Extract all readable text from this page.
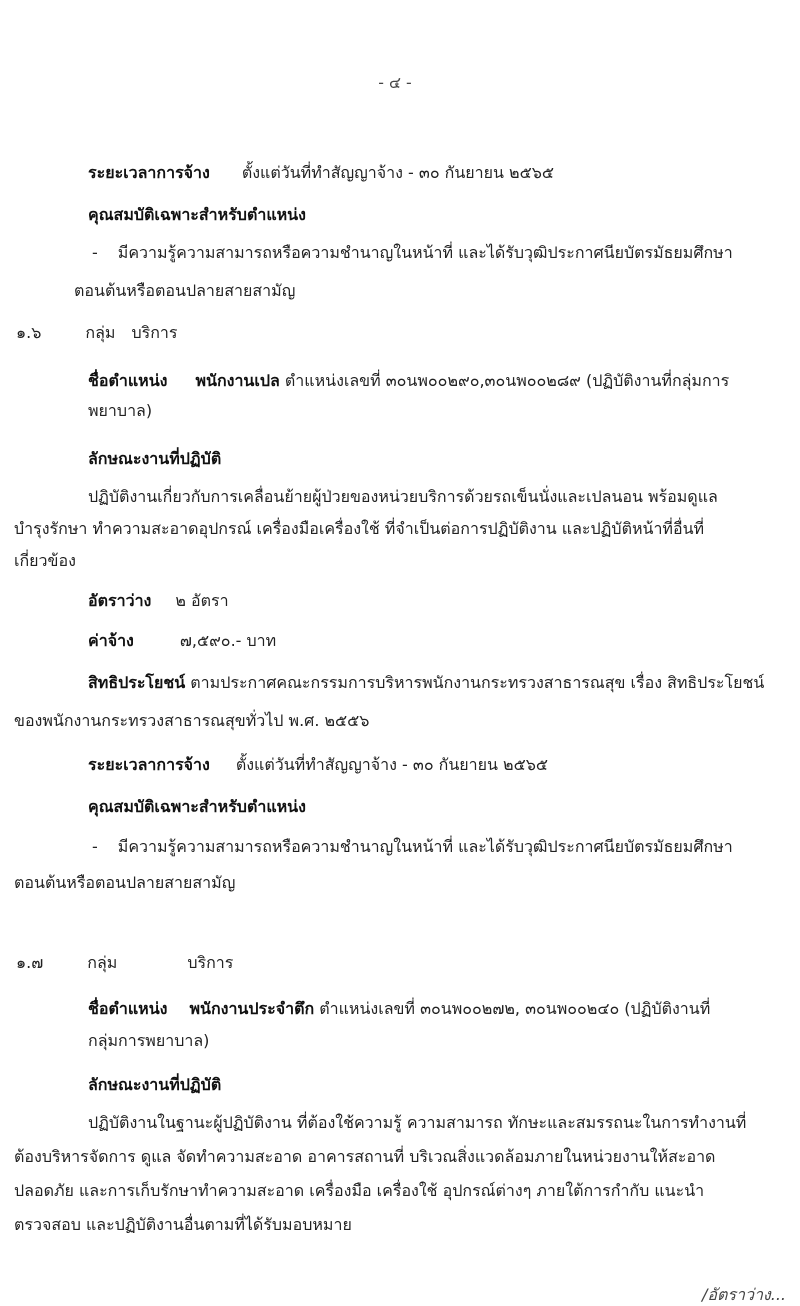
- ๔ -
ระยะเวลาการจ้าง ตั้งแต่วันที่ทำสัญญาจ้าง - ๓๐ กันยายน ๒๕๖๕
คุณสมบัติเฉพาะสำหรับตำแหน่ง
- มีความรู้ความสามารถหรือความชำนาญในหน้าที่ และได้รับวุฒิประกาศนียบัตรมัธยมศึกษา
ตอนต้นหรือตอนปลายสายสามัญ
๑.๖	กลุ่ม บริการ
ชื่อตำแหน่ง พนักงานเปล ตำแหน่งเลขที่ ๓๐นพ๐๐๒๙๐,๓๐นพ๐๐๒๘๙ (ปฏิบัติงานที่กลุ่มการ
พยาบาล)
ลักษณะงานที่ปฏิบัติ
ปฏิบัติงานเกี่ยวกับการเคลื่อนย้ายผู้ป่วยของหน่วยบริการด้วยรถเข็นนั่งและเปลนอน พร้อมดูแล
บำรุงรักษา ทำความสะอาดอุปกรณ์ เครื่องมือเครื่องใช้ ที่จำเป็นต่อการปฏิบัติงาน และปฏิบัติหน้าที่อื่นที่
เกี่ยวข้อง
อัตราว่าง ๒ อัตรา
ค่าจ้าง	๗,๕๙๐.- บาท
สิทธิประโยชน์ ตามประกาศคณะกรรมการบริหารพนักงานกระทรวงสาธารณสุข เรื่อง สิทธิประโยชน์
ของพนักงานกระทรวงสาธารณสุขทั่วไป พ.ศ. ๒๕๕๖
ระยะเวลาการจ้าง ตั้งแต่วันที่ทำสัญญาจ้าง - ๓๐ กันยายน ๒๕๖๕
คุณสมบัติเฉพาะสำหรับตำแหน่ง
- มีความรู้ความสามารถหรือความชำนาญในหน้าที่ และได้รับวุฒิประกาศนียบัตรมัธยมศึกษา
ตอนต้นหรือตอนปลายสายสามัญ
๑.๗	กลุ่ม	บริการ
ชื่อตำแหน่ง พนักงานประจำตึก ตำแหน่งเลขที่ ๓๐นพ๐๐๒๗๒, ๓๐นพ๐๐๒๔๐ (ปฏิบัติงานที่
กลุ่มการพยาบาล)
ลักษณะงานที่ปฏิบัติ
ปฏิบัติงานในฐานะผู้ปฏิบัติงาน ที่ต้องใช้ความรู้ ความสามารถ ทักษะและสมรรถนะในการทำงานที่
ต้องบริหารจัดการ ดูแล จัดทำความสะอาด อาคารสถานที่ บริเวณสิ่งแวดล้อมภายในหน่วยงานให้สะอาด
ปลอดภัย และการเก็บรักษาทำความสะอาด เครื่องมือ เครื่องใช้ อุปกรณ์ต่างๆ ภายใต้การกำกับ แนะนำ
ตรวจสอบ และปฏิบัติงานอื่นตามที่ได้รับมอบหมาย
/อัตราว่าง...
